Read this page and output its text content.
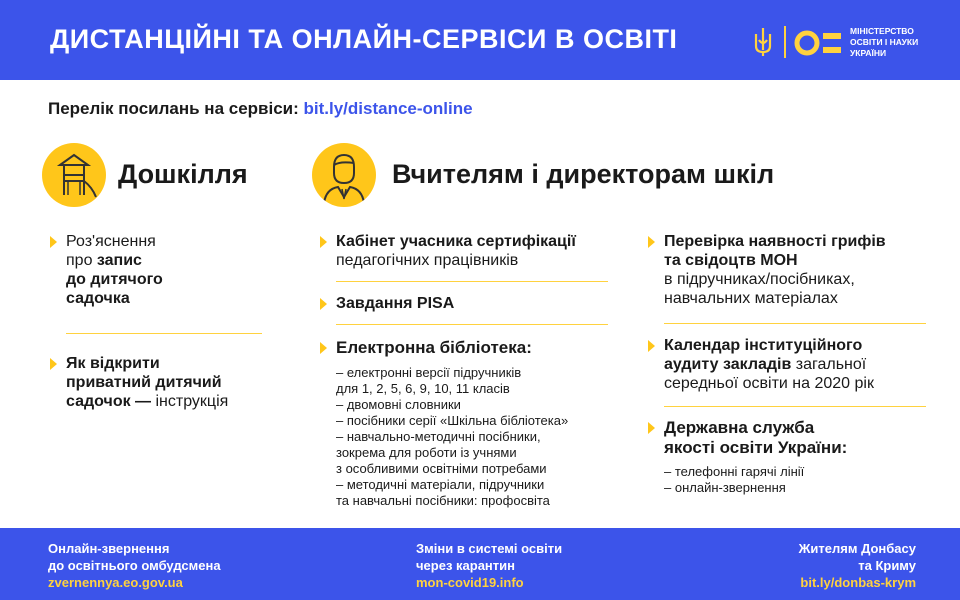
ДИСТАНЦІЙНІ ТА ОНЛАЙН-СЕРВІСИ В ОСВІТІ	МІНІСТЕРСТВО
ОСВІТИ І НАУКИ
УКРАЇНИ
Перелік посилань на сервіси: bit.ly/distance-online
Дошкілля
Роз'яснення
про запис
до дитячого
садочка
Як відкрити
приватний дитячий
садочок — інструкція
Вчителям і директорам шкіл
Кабінет учасника сертифікації
педагогічних працівників
Завдання PISA
Електронна бібліотека:
– електронні версії підручників
для 1, 2, 5, 6, 9, 10, 11 класів
– двомовні словники
– посібники серії «Шкільна бібліотека»
– навчально-методичні посібники,
зокрема для роботи із учнями
з особливими освітніми потребами
– методичні матеріали, підручники
та навчальні посібники: профосвіта
Перевірка наявності грифів
та свідоцтв МОН
в підручниках/посібниках,
навчальних матеріалах
Календар інституційного
аудиту закладів загальної
середньої освіти на 2020 рік
Державна служба
якості освіти України:
– телефонні гарячі лінії
– онлайн-звернення
Онлайн-звернення
до освітнього омбудсмена
zvernennya.eo.gov.ua
Зміни в системі освіти
через карантин
mon-covid19.info
Жителям Донбасу
та Криму
bit.ly/donbas-krym
